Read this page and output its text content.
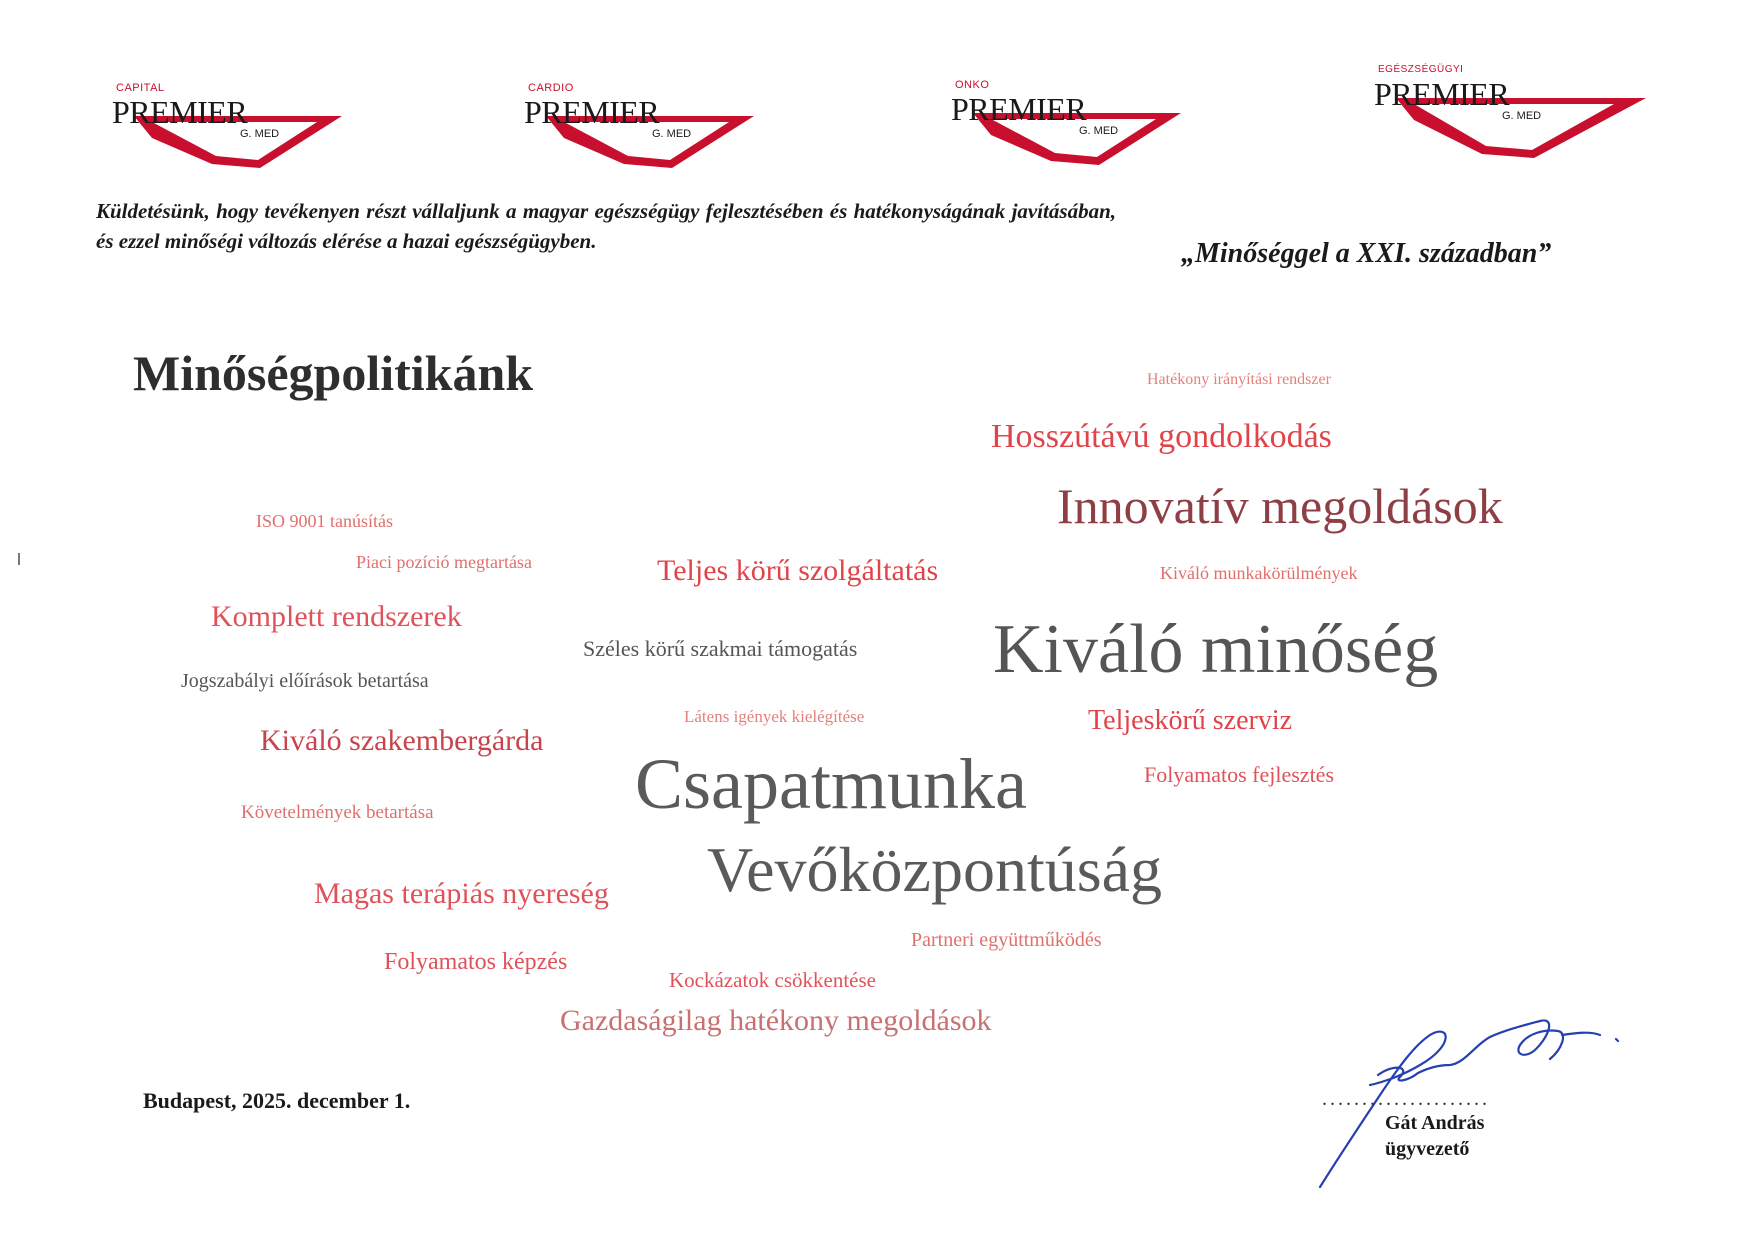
CAPITAL
PREMIER
G. MED
CARDIO
PREMIER
G. MED
ONKO
PREMIER
G. MED
EGÉSZSÉGÜGYI
PREMIER
G. MED
Küldetésünk, hogy tevékenyen részt vállaljunk a magyar egészségügy fejlesztésében és hatékonyságának javításában, és ezzel minőségi változás elérése a hazai egészségügyben.	„Minőséggel a XXI. században”
Minőségpolitikánk	Hatékony irányítási rendszer
Hosszútávú gondolkodás
Innovatív megoldások
ISO 9001 tanúsítás
Piaci pozíció megtartása	Teljes körű szolgáltatás	Kiváló munkakörülmények
Komplett rendszerek
Széles körű szakmai támogatás Kiváló minőség
Jogszabályi előírások betartása
Látens igények kielégítése	Teljeskörű szerviz
Kiváló szakembergárda
Csapatmunka	Folyamatos fejlesztés
Követelmények betartása
Vevőközpontúság
Magas terápiás nyereség
Partneri együttműködés
Folyamatos képzés
Kockázatok csökkentése
Gazdaságilag hatékony megoldások
Budapest, 2025. december 1.	.....................
Gát András
ügyvezető
